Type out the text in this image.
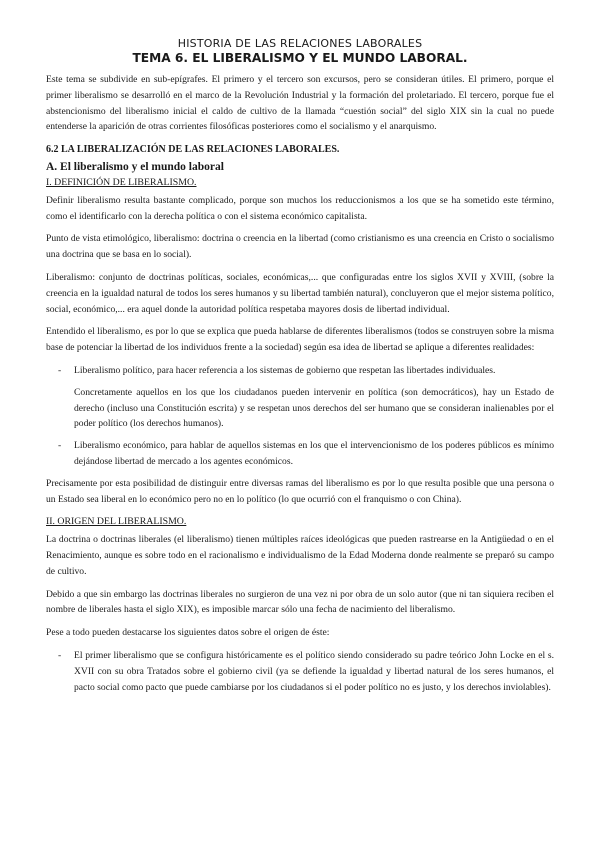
HISTORIA DE LAS RELACIONES LABORALES
TEMA 6. EL LIBERALISMO Y EL MUNDO LABORAL.

Este tema se subdivide en sub-epígrafes. El primero y el tercero son excursos, pero se consideran útiles. El primero, porque el primer liberalismo se desarrolló en el marco de la Revolución Industrial y la formación del proletariado. El tercero, porque fue el abstencionismo del liberalismo inicial el caldo de cultivo de la llamada “cuestión social” del siglo XIX sin la cual no puede entenderse la aparición de otras corrientes filosóficas posteriores como el socialismo y el anarquismo.

6.2 LA LIBERALIZACIÓN DE LAS RELACIONES LABORALES.
A. El liberalismo y el mundo laboral
I. DEFINICIÓN DE LIBERALISMO.

Definir liberalismo resulta bastante complicado, porque son muchos los reduccionismos a los que se ha sometido este término, como el identificarlo con la derecha política o con el sistema económico capitalista.

Punto de vista etimológico, liberalismo: doctrina o creencia en la libertad (como cristianismo es una creencia en Cristo o socialismo una doctrina que se basa en lo social).

Liberalismo: conjunto de doctrinas políticas, sociales, económicas,... que configuradas entre los siglos XVII y XVIII, (sobre la creencia en la igualdad natural de todos los seres humanos y su libertad también natural), concluyeron que el mejor sistema político, social, económico,... era aquel donde la autoridad política respetaba mayores dosis de libertad individual.

Entendido el liberalismo, es por lo que se explica que pueda hablarse de diferentes liberalismos (todos se construyen sobre la misma base de potenciar la libertad de los individuos frente a la sociedad) según esa idea de libertad se aplique a diferentes realidades:

- Liberalismo político, para hacer referencia a los sistemas de gobierno que respetan las libertades individuales.
Concretamente aquellos en los que los ciudadanos pueden intervenir en política (son democráticos), hay un Estado de derecho (incluso una Constitución escrita) y se respetan unos derechos del ser humano que se consideran inalienables por el poder político (los derechos humanos).
- Liberalismo económico, para hablar de aquellos sistemas en los que el intervencionismo de los poderes públicos es mínimo dejándose libertad de mercado a los agentes económicos.

Precisamente por esta posibilidad de distinguir entre diversas ramas del liberalismo es por lo que resulta posible que una persona o un Estado sea liberal en lo económico pero no en lo político (lo que ocurrió con el franquismo o con China).

II. ORIGEN DEL LIBERALISMO.

La doctrina o doctrinas liberales (el liberalismo) tienen múltiples raíces ideológicas que pueden rastrearse en la Antigüedad o en el Renacimiento, aunque es sobre todo en el racionalismo e individualismo de la Edad Moderna donde realmente se preparó su campo de cultivo.

Debido a que sin embargo las doctrinas liberales no surgieron de una vez ni por obra de un solo autor (que ni tan siquiera reciben el nombre de liberales hasta el siglo XIX), es imposible marcar sólo una fecha de nacimiento del liberalismo.

Pese a todo pueden destacarse los siguientes datos sobre el origen de éste:

- El primer liberalismo que se configura históricamente es el político siendo considerado su padre teórico John Locke en el s. XVII con su obra Tratados sobre el gobierno civil (ya se defiende la igualdad y libertad natural de los seres humanos, el pacto social como pacto que puede cambiarse por los ciudadanos si el poder político no es justo, y los derechos inviolables).
